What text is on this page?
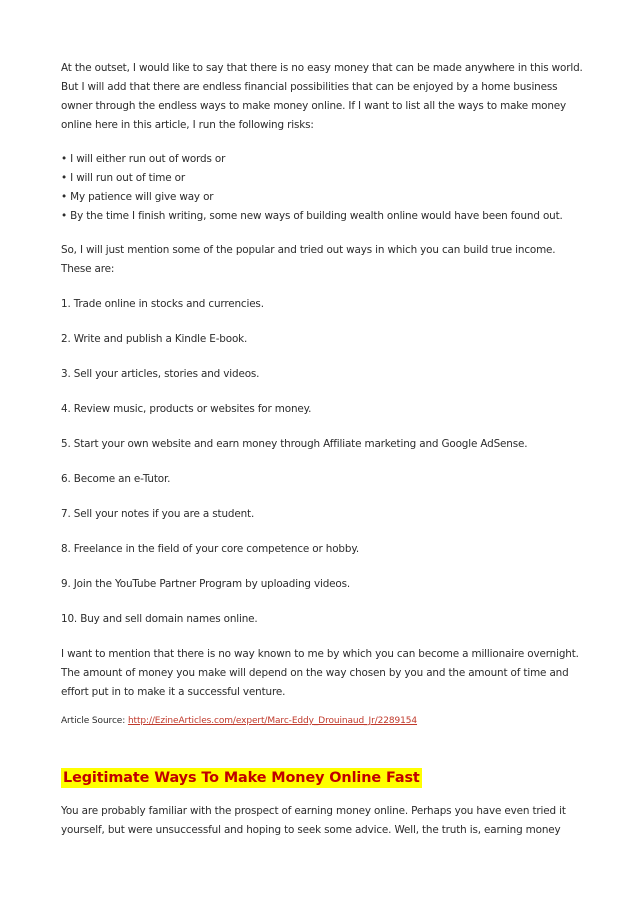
At the outset, I would like to say that there is no easy money that can be made anywhere in this world.
But I will add that there are endless financial possibilities that can be enjoyed by a home business
owner through the endless ways to make money online. If I want to list all the ways to make money
online here in this article, I run the following risks:

• I will either run out of words or
• I will run out of time or
• My patience will give way or
• By the time I finish writing, some new ways of building wealth online would have been found out.

So, I will just mention some of the popular and tried out ways in which you can build true income.
These are:

1. Trade online in stocks and currencies.

2. Write and publish a Kindle E-book.

3. Sell your articles, stories and videos.

4. Review music, products or websites for money.

5. Start your own website and earn money through Affiliate marketing and Google AdSense.

6. Become an e-Tutor.

7. Sell your notes if you are a student.

8. Freelance in the field of your core competence or hobby.

9. Join the YouTube Partner Program by uploading videos.

10. Buy and sell domain names online.

I want to mention that there is no way known to me by which you can become a millionaire overnight.
The amount of money you make will depend on the way chosen by you and the amount of time and
effort put in to make it a successful venture.

Article Source: http://EzineArticles.com/expert/Marc-Eddy_Drouinaud_Jr/2289154

Legitimate Ways To Make Money Online Fast

You are probably familiar with the prospect of earning money online. Perhaps you have even tried it
yourself, but were unsuccessful and hoping to seek some advice. Well, the truth is, earning money
